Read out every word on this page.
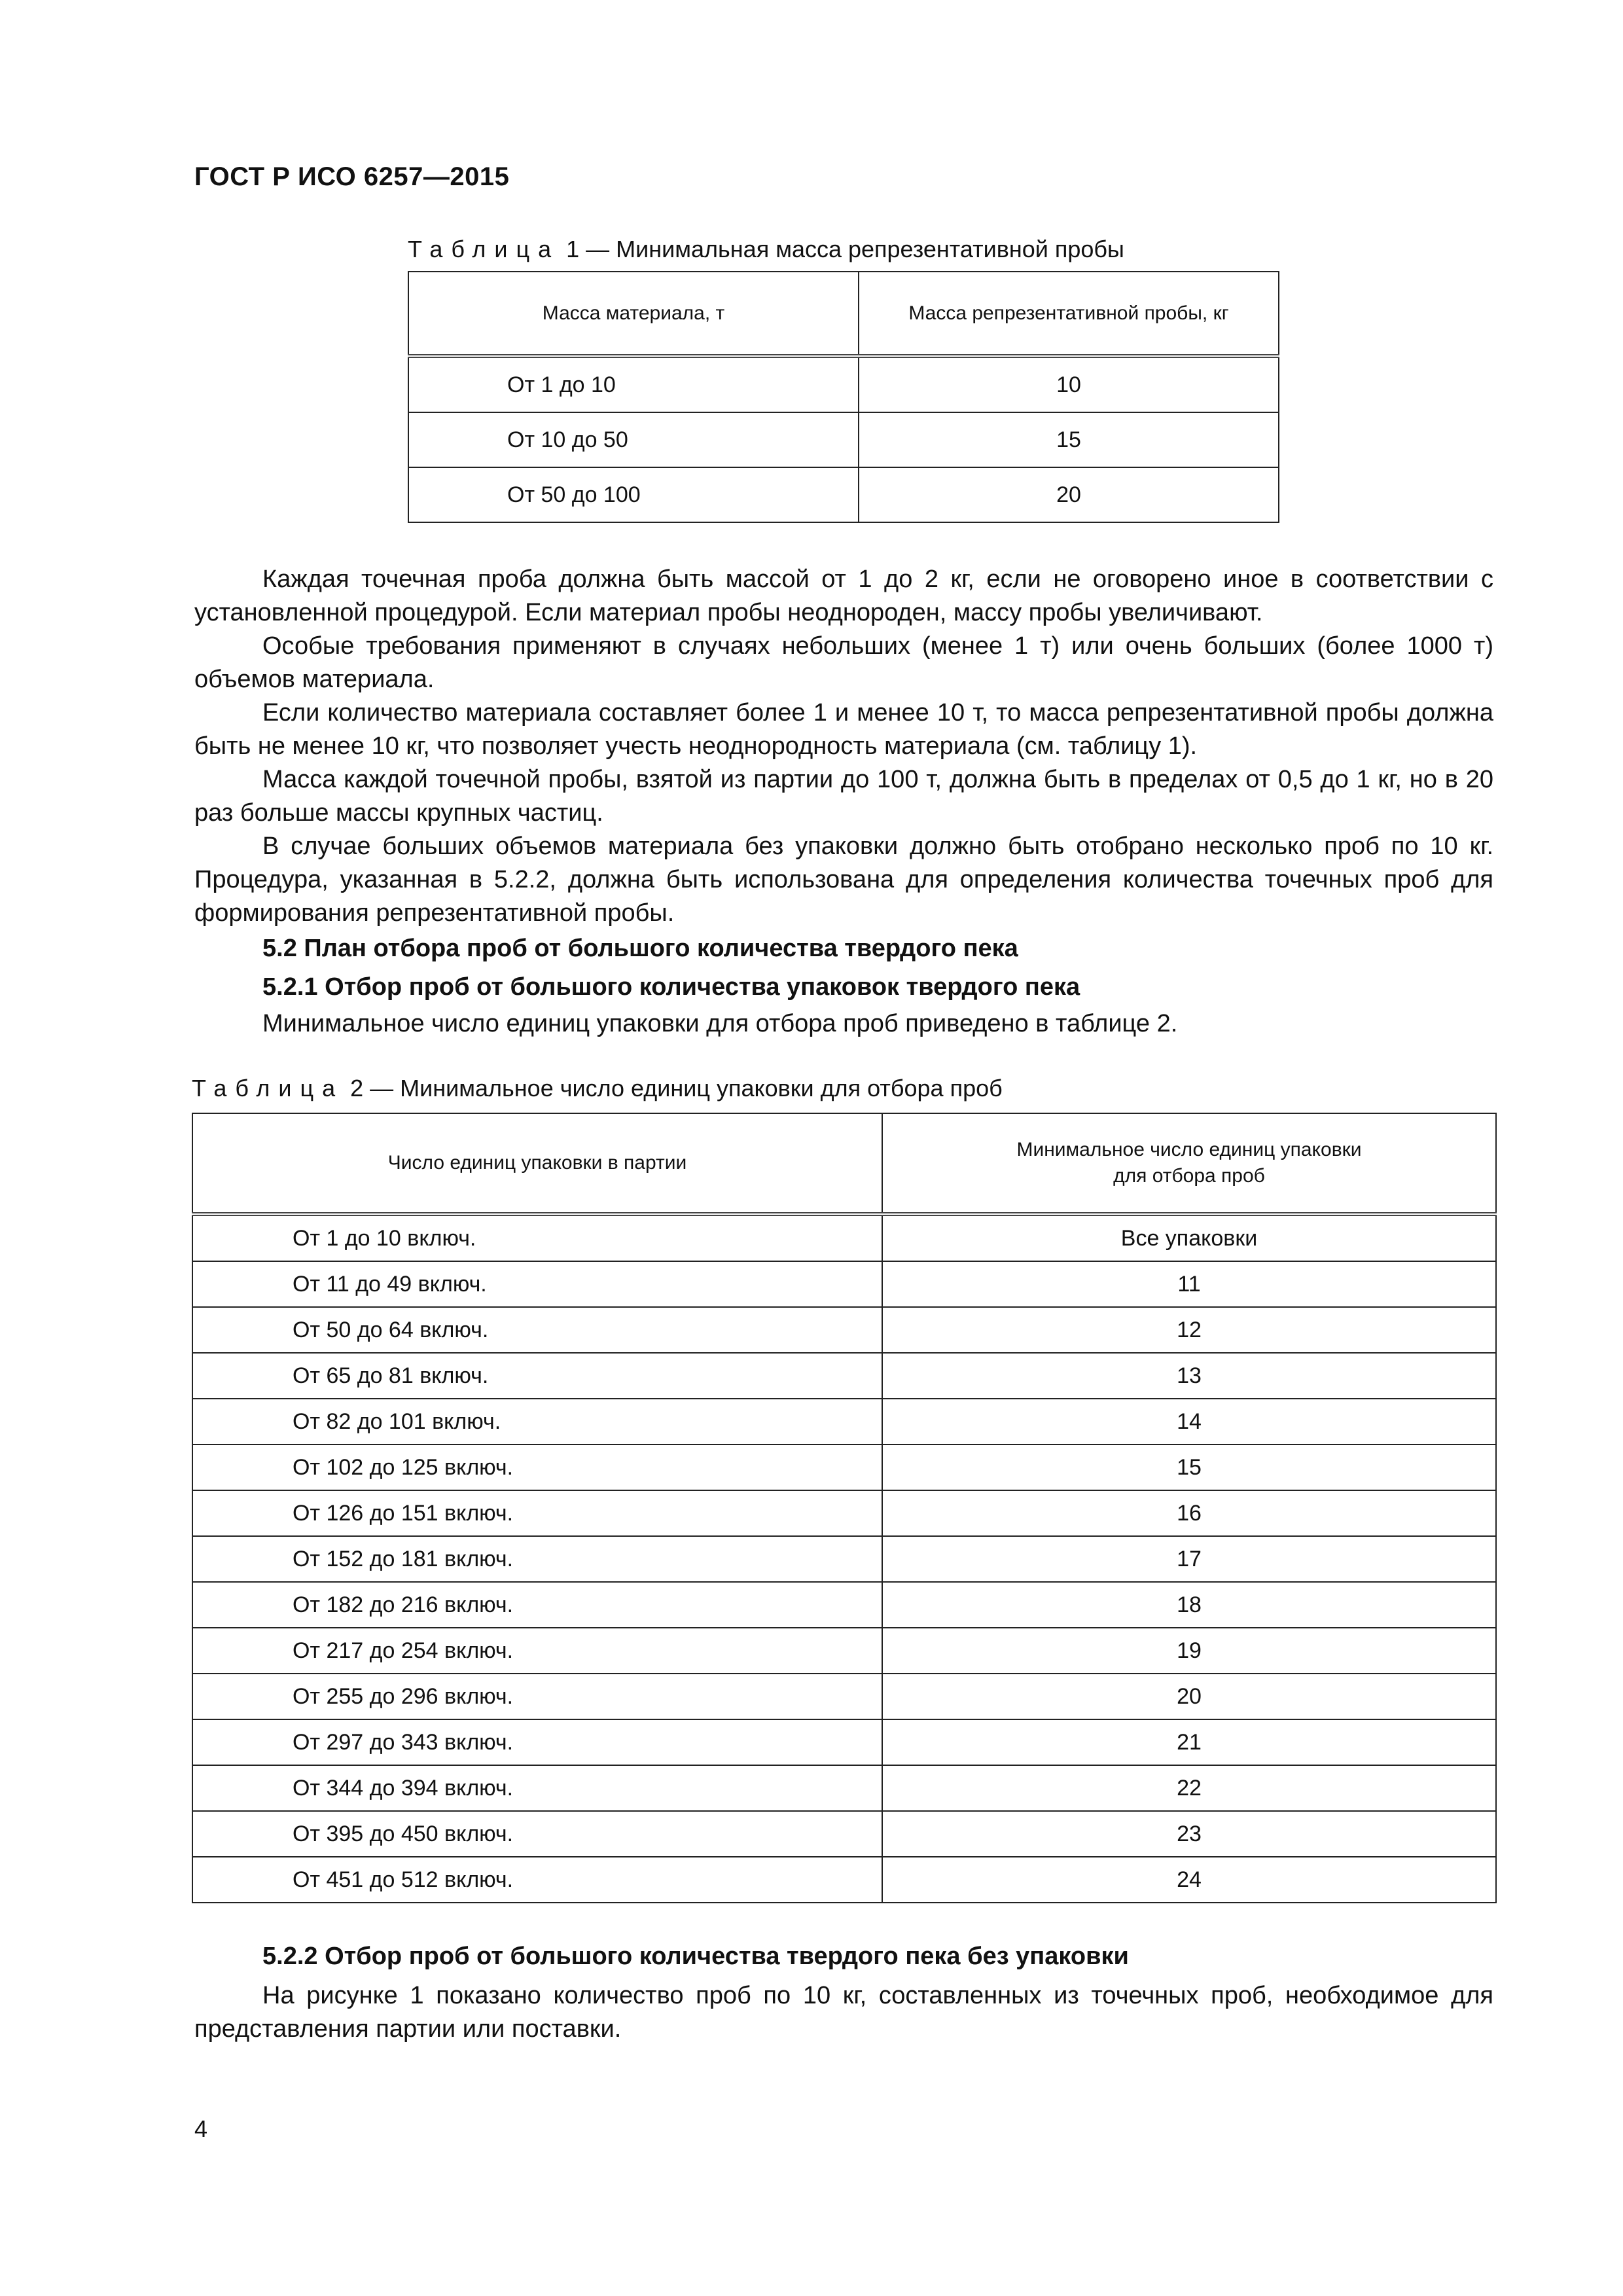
ГОСТ Р ИСО 6257—2015
Таблица 1 — Минимальная масса репрезентативной пробы
Масса материала, т	Масса репрезентативной пробы, кг
От 1 до 10	10
От 10 до 50	15
От 50 до 100	20

Каждая точечная проба должна быть массой от 1 до 2 кг, если не оговорено иное в соответствии с установленной процедурой. Если материал пробы неоднороден, массу пробы увеличивают.

Особые требования применяют в случаях небольших (менее 1 т) или очень больших (более 1000 т) объемов материала.

Если количество материала составляет более 1 и менее 10 т, то масса репрезентативной пробы должна быть не менее 10 кг, что позволяет учесть неоднородность материала (см. таблицу 1).

Масса каждой точечной пробы, взятой из партии до 100 т, должна быть в пределах от 0,5 до 1 кг, но в 20 раз больше массы крупных частиц.

В случае больших объемов материала без упаковки должно быть отобрано несколько проб по 10 кг. Процедура, указанная в 5.2.2, должна быть использована для определения количества точечных проб для формирования репрезентативной пробы.

5.2 План отбора проб от большого количества твердого пека
5.2.1 Отбор проб от большого количества упаковок твердого пека
Минимальное число единиц упаковки для отбора проб приведено в таблице 2.
Таблица 2 — Минимальное число единиц упаковки для отбора проб
Число единиц упаковки в партии	Минимальное число единиц упаковки
для отбора проб

От 1 до 10 включ.	Все упаковки
От 11 до 49 включ.	11
От 50 до 64 включ.	12
От 65 до 81 включ.	13
От 82 до 101 включ.	14
От 102 до 125 включ.	15
От 126 до 151 включ.	16
От 152 до 181 включ.	17
От 182 до 216 включ.	18
От 217 до 254 включ.	19
От 255 до 296 включ.	20
От 297 до 343 включ.	21
От 344 до 394 включ.	22
От 395 до 450 включ.	23
От 451 до 512 включ.	24
5.2.2 Отбор проб от большого количества твердого пека без упаковки

На рисунке 1 показано количество проб по 10 кг, составленных из точечных проб, необходимое для представления партии или поставки.

4
